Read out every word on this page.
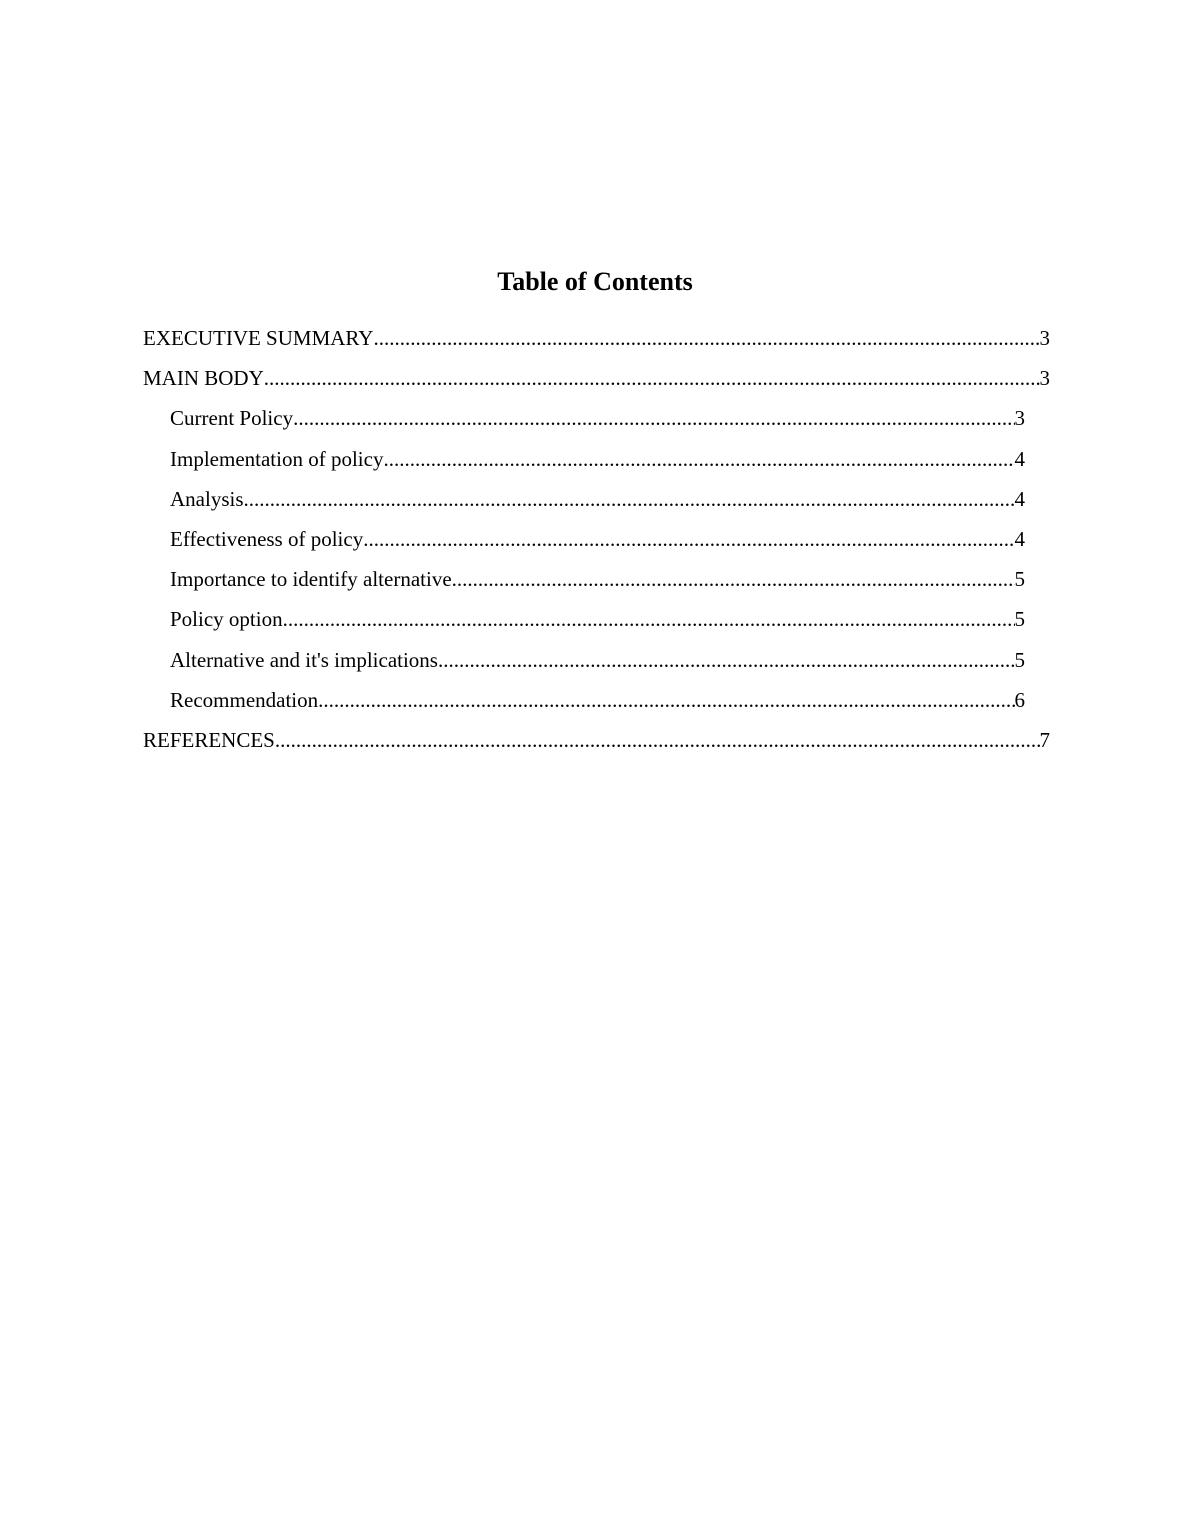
Table of Contents
EXECUTIVE SUMMARY .....	3
MAIN BODY .....	3
Current Policy .....	3
Implementation of policy .....	4
Analysis .....	4
Effectiveness of policy .....	4
Importance to identify alternative .....	5
Policy option .....	5
Alternative and it's implications .....	5
Recommendation .....	6
REFERENCES .....	7
